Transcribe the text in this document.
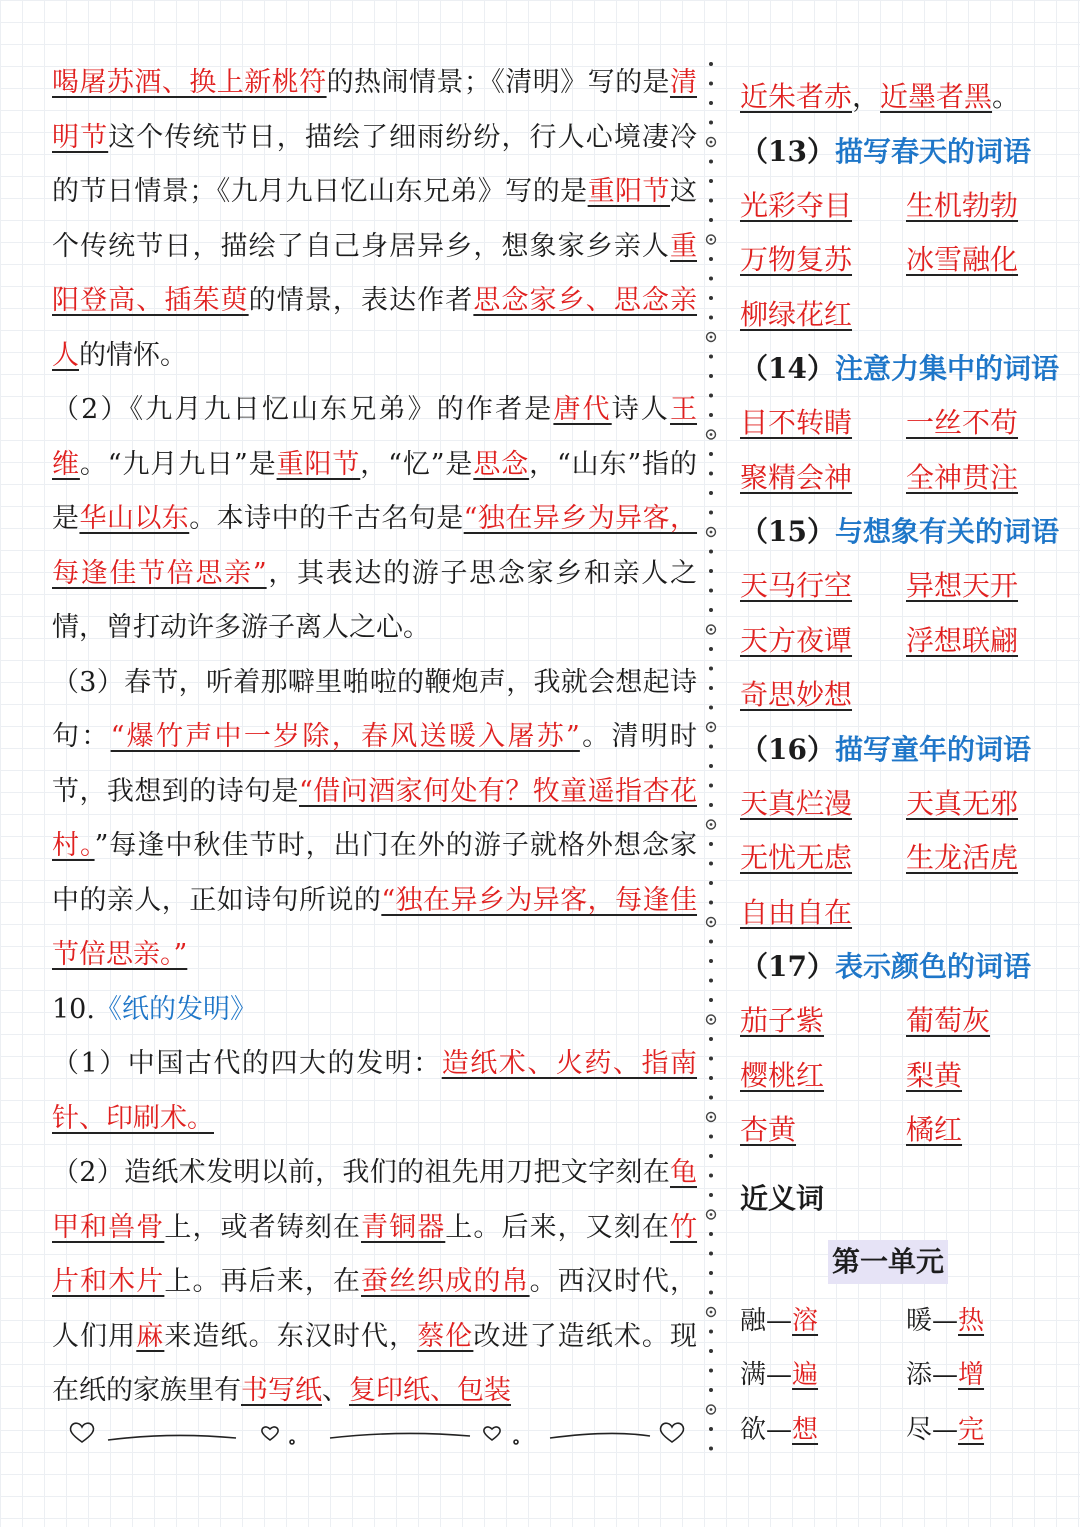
喝屠苏酒、换上新桃符的热闹情景；《清明》写的是清明节这个传统节日，描绘了细雨纷纷，行人心境凄冷的节日情景；《九月九日忆山东兄弟》写的是重阳节这个传统节日，描绘了自己身居异乡，想象家乡亲人重阳登高、插茱萸的情景，表达作者思念家乡、思念亲人的情怀。

（2）《九月九日忆山东兄弟》的作者是唐代诗人王维。“九月九日”是重阳节，“忆”是思念，“山东”指的是华山以东。本诗中的千古名句是“独在异乡为异客，每逢佳节倍思亲”，其表达的游子思念家乡和亲人之情，曾打动许多游子离人之心。

（3）春节，听着那噼里啪啦的鞭炮声，我就会想起诗句：“爆竹声中一岁除，春风送暖入屠苏”。清明时节，我想到的诗句是“借问酒家何处有？牧童遥指杏花村。”每逢中秋佳节时，出门在外的游子就格外想念家中的亲人，正如诗句所说的“独在异乡为异客，每逢佳节倍思亲。”

10.《纸的发明》

（1）中国古代的四大的发明：造纸术、火药、指南针、印刷术。

（2）造纸术发明以前，我们的祖先用刀把文字刻在龟甲和兽骨上，或者铸刻在青铜器上。后来，又刻在竹片和木片上。再后来，在蚕丝织成的帛。西汉时代，人们用麻来造纸。东汉时代，蔡伦改进了造纸术。现在纸的家族里有书写纸、复印纸、包装

近朱者赤，近墨者黑。
（13）描写春天的词语
光彩夺目 生机勃勃
万物复苏 冰雪融化
柳绿花红
（14）注意力集中的词语
目不转睛 一丝不苟
聚精会神 全神贯注
（15）与想象有关的词语
天马行空 异想天开
天方夜谭 浮想联翩
奇思妙想
（16）描写童年的词语
天真烂漫 天真无邪
无忧无虑 生龙活虎
自由自在
（17）表示颜色的词语
茄子紫	葡萄灰
樱桃红	梨黄
杏黄	橘红
近义词
第一单元
融—溶	暖—热
满—遍	添—增
欲—想	尽—完
